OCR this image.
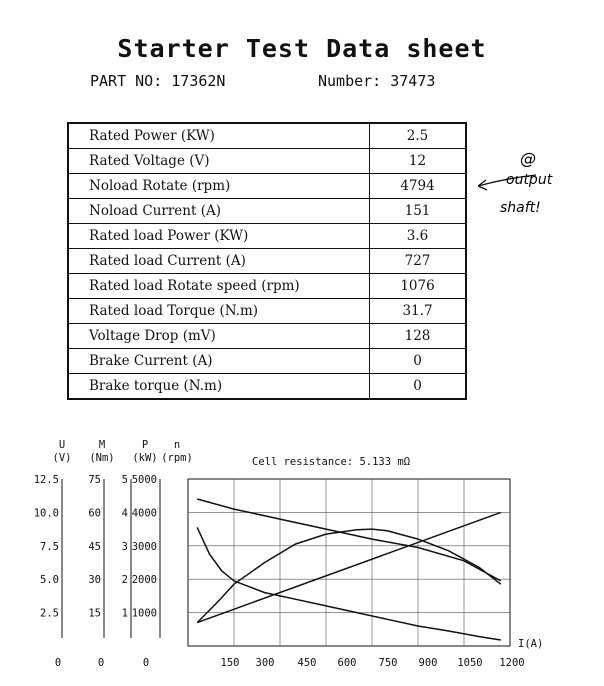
Starter Test Data sheet
PART NO: 17362N	Number: 37473
Rated Power (KW)	2.5
Rated Voltage (V)	12
Noload Rotate (rpm)	4794
Noload Current (A)	151
Rated load Power (KW)	3.6
Rated load Current (A)	727
Rated load Rotate speed (rpm)	1076
Rated load Torque (N.m)	31.7
Voltage Drop (mV)	128
Brake Current (A)	0
Brake torque (N.m)	0
@
output
shaft!
U
(V)
M
(Nm)
P
(kW)
n
(rpm)
12.5
10.0
7.5
5.0
2.5
75
60
45
30
15
5
4
3
2
1
5000
4000
3000
2000
1000
0	0	0	150 300 450 600 750 900 1050 1200
Cell resistance: 5.133 mΩ
I(A)
